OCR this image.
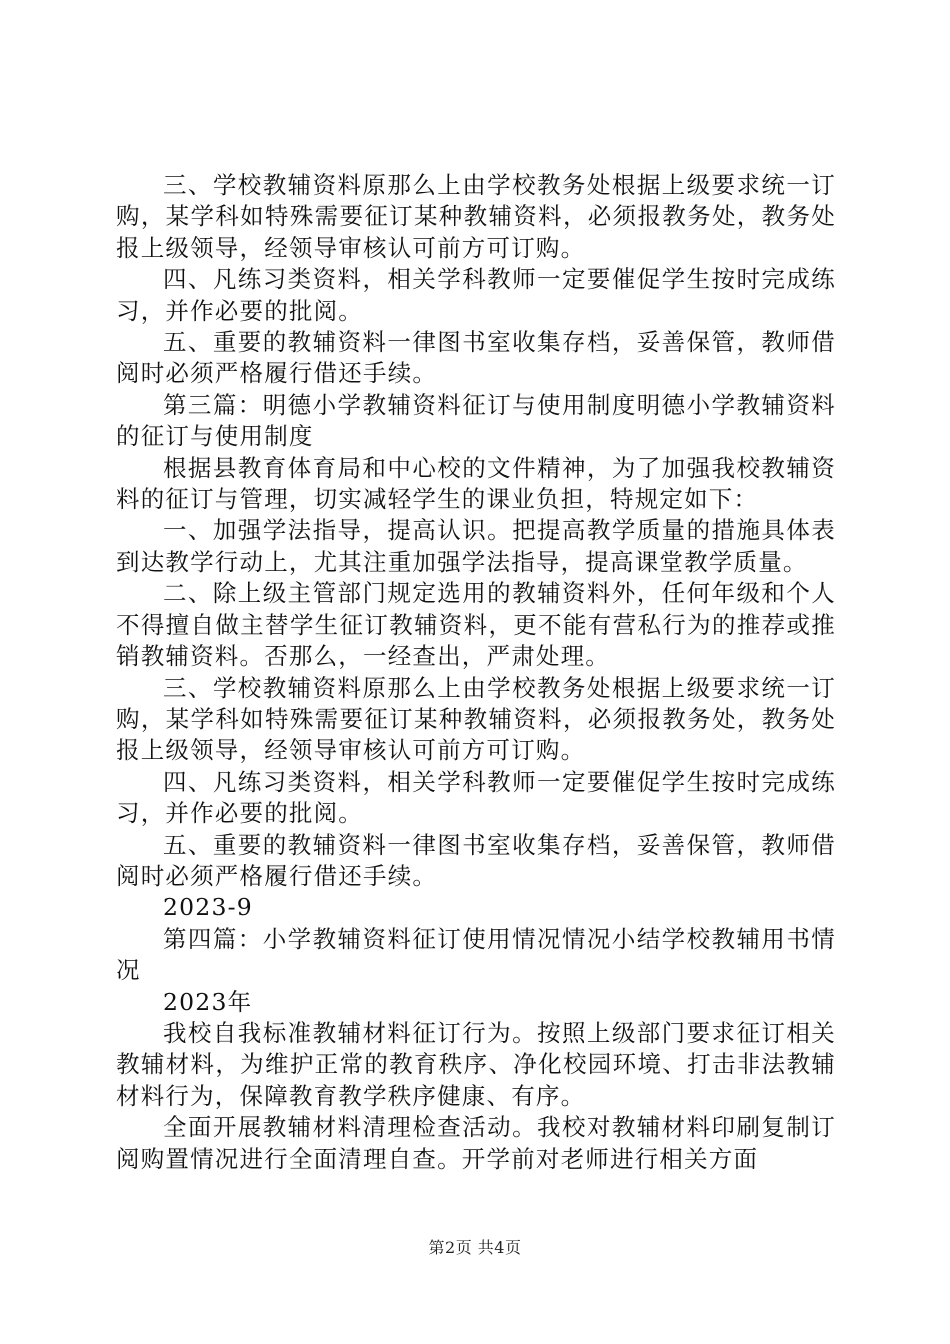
三、学校教辅资料原那么上由学校教务处根据上级要求统一订购，某学科如特殊需要征订某种教辅资料，必须报教务处，教务处报上级领导，经领导审核认可前方可订购。

四、凡练习类资料，相关学科教师一定要催促学生按时完成练习，并作必要的批阅。

五、重要的教辅资料一律图书室收集存档，妥善保管，教师借阅时必须严格履行借还手续。

第三篇：明德小学教辅资料征订与使用制度明德小学教辅资料的征订与使用制度

根据县教育体育局和中心校的文件精神，为了加强我校教辅资料的征订与管理，切实减轻学生的课业负担，特规定如下：

一、加强学法指导，提高认识。把提高教学质量的措施具体表到达教学行动上，尤其注重加强学法指导，提高课堂教学质量。

二、除上级主管部门规定选用的教辅资料外，任何年级和个人不得擅自做主替学生征订教辅资料，更不能有营私行为的推荐或推销教辅资料。否那么，一经查出，严肃处理。

三、学校教辅资料原那么上由学校教务处根据上级要求统一订购，某学科如特殊需要征订某种教辅资料，必须报教务处，教务处报上级领导，经领导审核认可前方可订购。

四、凡练习类资料，相关学科教师一定要催促学生按时完成练习，并作必要的批阅。

五、重要的教辅资料一律图书室收集存档，妥善保管，教师借阅时必须严格履行借还手续。

2023-9

第四篇：小学教辅资料征订使用情况情况小结学校教辅用书情况

2023年

我校自我标准教辅材料征订行为。按照上级部门要求征订相关教辅材料，为维护正常的教育秩序、净化校园环境、打击非法教辅材料行为，保障教育教学秩序健康、有序。

全面开展教辅材料清理检查活动。我校对教辅材料印刷复制订阅购置情况进行全面清理自查。开学前对老师进行相关方面

第2页 共4页
